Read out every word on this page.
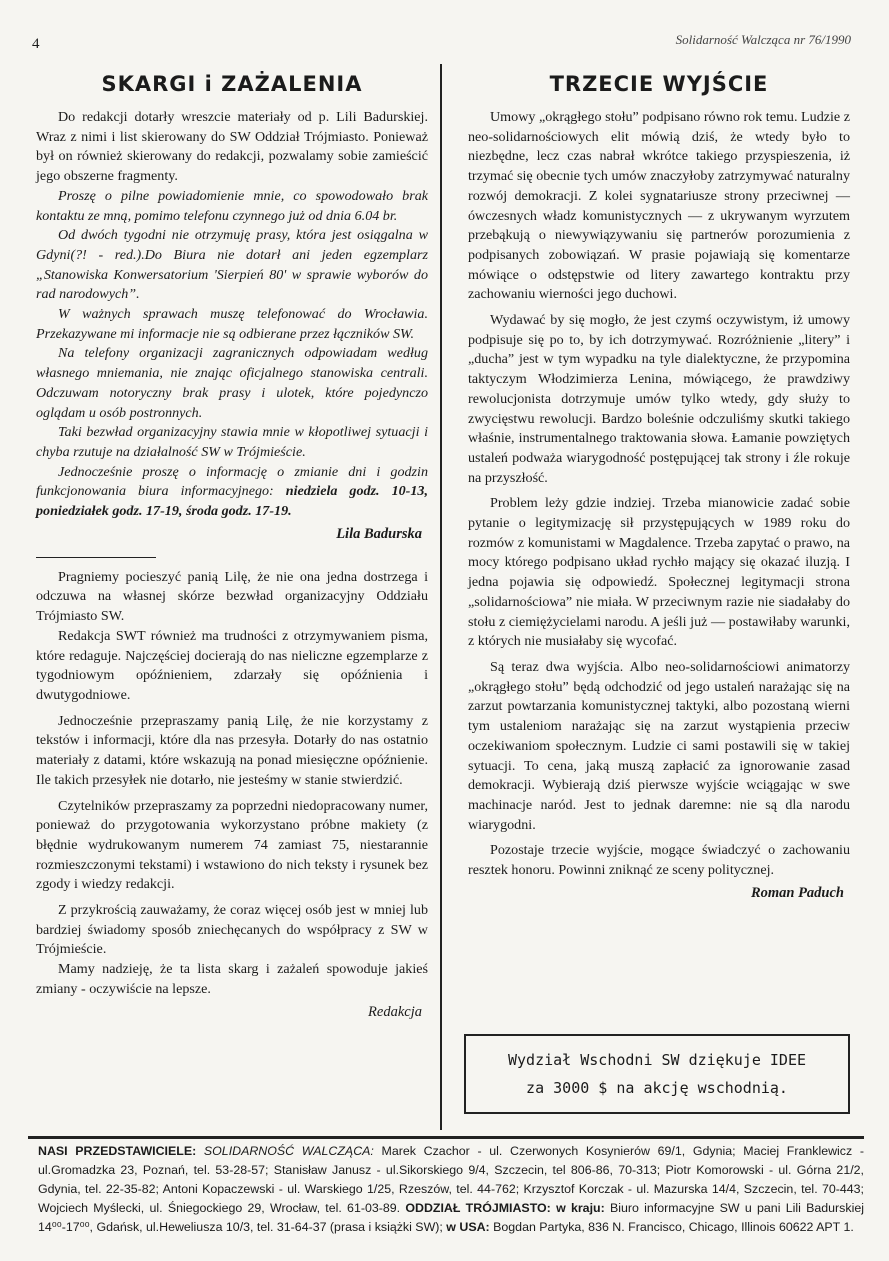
4	Solidarność Walcząca nr 76/1990
SKARGI i ZAŻALENIA

Do redakcji dotarły wreszcie materiały od p. Lili Badurskiej. Wraz z nimi i list skierowany do SW Oddział Trójmiasto. Ponieważ był on również skierowany do redakcji, pozwalamy sobie zamieścić jego obszerne fragmenty.

Proszę o pilne powiadomienie mnie, co spowodowało brak kontaktu ze mną, pomimo telefonu czynnego już od dnia 6.04 br.

Od dwóch tygodni nie otrzymuję prasy, która jest osiągalna w Gdyni(?! - red.).Do Biura nie dotarł ani jeden egzemplarz „Stanowiska Konwersatorium 'Sierpień 80' w sprawie wyborów do rad narodowych”.

W ważnych sprawach muszę telefonować do Wrocławia. Przekazywane mi informacje nie są odbierane przez łączników SW.

Na telefony organizacji zagranicznych odpowiadam według własnego mniemania, nie znając oficjalnego stanowiska centrali. Odczuwam notoryczny brak prasy i ulotek, które pojedynczo oglądam u osób postronnych.

Taki bezwład organizacyjny stawia mnie w kłopotliwej sytuacji i chyba rzutuje na działalność SW w Trójmieście.

Jednocześnie proszę o informację o zmianie dni i godzin funkcjonowania biura informacyjnego: niedziela godz. 10-13, poniedziałek godz. 17-19, środa godz. 17-19.

Lila Badurska

Pragniemy pocieszyć panią Lilę, że nie ona jedna dostrzega i odczuwa na własnej skórze bezwład organizacyjny Oddziału Trójmiasto SW.

Redakcja SWT również ma trudności z otrzymywaniem pisma, które redaguje. Najczęściej docierają do nas nieliczne egzemplarze z tygodniowym opóźnieniem, zdarzały się opóźnienia i dwutygodniowe.

Jednocześnie przepraszamy panią Lilę, że nie korzystamy z tekstów i informacji, które dla nas przesyła. Dotarły do nas ostatnio materiały z datami, które wskazują na ponad miesięczne opóźnienie. Ile takich przesyłek nie dotarło, nie jesteśmy w stanie stwierdzić.

Czytelników przepraszamy za poprzedni niedopracowany numer, ponieważ do przygotowania wykorzystano próbne makiety (z błędnie wydrukowanym numerem 74 zamiast 75, niestarannie rozmieszczonymi tekstami) i wstawiono do nich teksty i rysunek bez zgody i wiedzy redakcji.

Z przykrością zauważamy, że coraz więcej osób jest w mniej lub bardziej świadomy sposób zniechęcanych do współpracy z SW w Trójmieście.

Mamy nadzieję, że ta lista skarg i zażaleń spowoduje jakieś zmiany - oczywiście na lepsze.

Redakcja
TRZECIE WYJŚCIE

Umowy „okrągłego stołu” podpisano równo rok temu. Ludzie z neo-solidarnościowych elit mówią dziś, że wtedy było to niezbędne, lecz czas nabrał wkrótce takiego przyspieszenia, iż trzymać się obecnie tych umów znaczyłoby zatrzymywać naturalny rozwój demokracji. Z kolei sygnatariusze strony przeciwnej — ówczesnych władz komunistycznych — z ukrywanym wyrzutem przebąkują o niewywiązywaniu się partnerów porozumienia z podpisanych zobowiązań. W prasie pojawiają się komentarze mówiące o odstępstwie od litery zawartego kontraktu przy zachowaniu wierności jego duchowi.

Wydawać by się mogło, że jest czymś oczywistym, iż umowy podpisuje się po to, by ich dotrzymywać. Rozróżnienie „litery” i „ducha” jest w tym wypadku na tyle dialektyczne, że przypomina taktyczym Włodzimierza Lenina, mówiącego, że prawdziwy rewolucjonista dotrzymuje umów tylko wtedy, gdy służy to zwycięstwu rewolucji. Bardzo boleśnie odczuliśmy skutki takiego właśnie, instrumentalnego traktowania słowa. Łamanie powziętych ustaleń podważa wiarygodność postępującej tak strony i źle rokuje na przyszłość.

Problem leży gdzie indziej. Trzeba mianowicie zadać sobie pytanie o legitymizację sił przystępujących w 1989 roku do rozmów z komunistami w Magdalence. Trzeba zapytać o prawo, na mocy którego podpisano układ rychło mający się okazać iluzją. I jedna pojawia się odpowiedź. Społecznej legitymacji strona „solidarnościowa” nie miała. W przeciwnym razie nie siadałaby do stołu z ciemiężycielami narodu. A jeśli już — postawiłaby warunki, z których nie musiałaby się wycofać.

Są teraz dwa wyjścia. Albo neo-solidarnościowi animatorzy „okrągłego stołu” będą odchodzić od jego ustaleń narażając się na zarzut powtarzania komunistycznej taktyki, albo pozostaną wierni tym ustaleniom narażając się na zarzut wystąpienia przeciw oczekiwaniom społecznym. Ludzie ci sami postawili się w takiej sytuacji. To cena, jaką muszą zapłacić za ignorowanie zasad demokracji. Wybierają dziś pierwsze wyjście wciągając w swe machinacje naród. Jest to jednak daremne: nie są dla narodu wiarygodni.

Pozostaje trzecie wyjście, mogące świadczyć o zachowaniu resztek honoru. Powinni zniknąć ze sceny politycznej.

Roman Paduch
Wydział Wschodni SW dziękuje IDEE
za 3000 $ na akcję wschodnią.
NASI PRZEDSTAWICIELE: SOLIDARNOŚĆ WALCZĄCA: Marek Czachor - ul. Czerwonych Kosynierów 69/1, Gdynia; Maciej Franklewicz - ul.Gromadzka 23, Poznań, tel. 53-28-57; Stanisław Janusz - ul.Sikorskiego 9/4, Szczecin, tel 806-86, 70-313; Piotr Komorowski - ul. Górna 21/2, Gdynia, tel. 22-35-82; Antoni Kopaczewski - ul. Warskiego 1/25, Rzeszów, tel. 44-762; Krzysztof Korczak - ul. Mazurska 14/4, Szczecin, tel. 70-443; Wojciech Myślecki, ul. Śniegockiego 29, Wrocław, tel. 61-03-89. ODDZIAŁ TRÓJMIASTO: w kraju: Biuro informacyjne SW u pani Lili Badurskiej 14⁰⁰-17⁰⁰, Gdańsk, ul.Heweliusza 10/3, tel. 31-64-37 (prasa i książki SW); w USA: Bogdan Partyka, 836 N. Francisco, Chicago, Illinois 60622 APT 1.
